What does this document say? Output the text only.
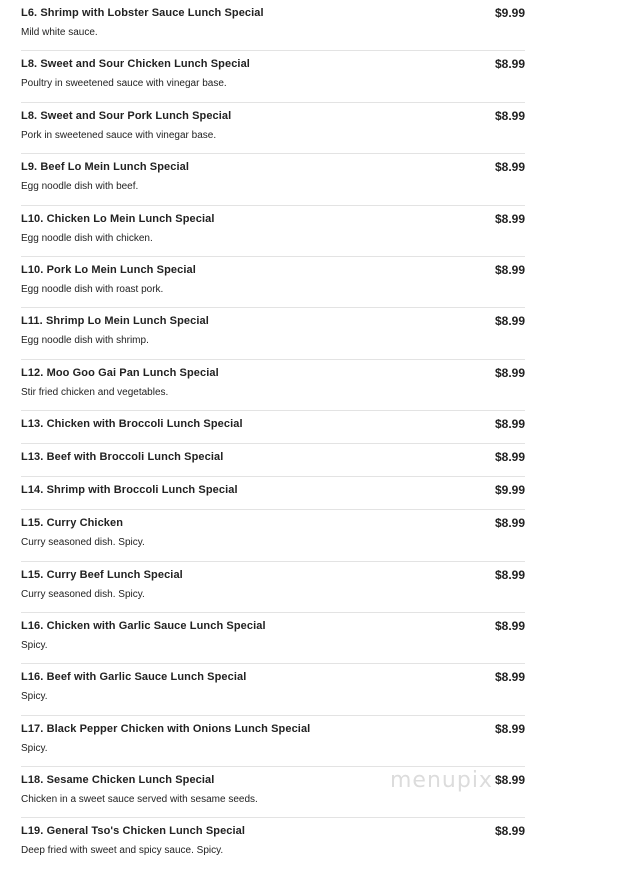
L6. Shrimp with Lobster Sauce Lunch Special	$9.99
Mild white sauce.
L8. Sweet and Sour Chicken Lunch Special	$8.99
Poultry in sweetened sauce with vinegar base.
L8. Sweet and Sour Pork Lunch Special	$8.99
Pork in sweetened sauce with vinegar base.
L9. Beef Lo Mein Lunch Special	$8.99
Egg noodle dish with beef.
L10. Chicken Lo Mein Lunch Special	$8.99
Egg noodle dish with chicken.
L10. Pork Lo Mein Lunch Special	$8.99
Egg noodle dish with roast pork.
L11. Shrimp Lo Mein Lunch Special	$8.99
Egg noodle dish with shrimp.
L12. Moo Goo Gai Pan Lunch Special	$8.99
Stir fried chicken and vegetables.
L13. Chicken with Broccoli Lunch Special	$8.99
L13. Beef with Broccoli Lunch Special	$8.99
L14. Shrimp with Broccoli Lunch Special	$9.99
L15. Curry Chicken	$8.99
Curry seasoned dish. Spicy.
L15. Curry Beef Lunch Special	$8.99
Curry seasoned dish. Spicy.
L16. Chicken with Garlic Sauce Lunch Special	$8.99
Spicy.
L16. Beef with Garlic Sauce Lunch Special	$8.99
Spicy.
L17. Black Pepper Chicken with Onions Lunch Special	$8.99
Spicy.
L18. Sesame Chicken Lunch Special	$8.99
Chicken in a sweet sauce served with sesame seeds.
L19. General Tso's Chicken Lunch Special	$8.99
Deep fried with sweet and spicy sauce. Spicy.
menupix
